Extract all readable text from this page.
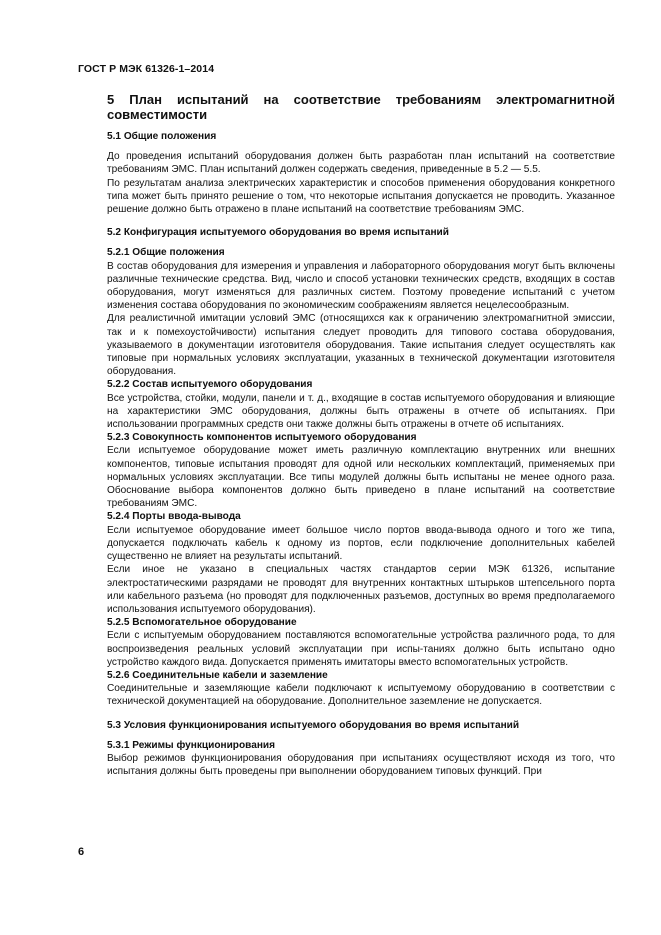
ГОСТ Р МЭК 61326-1–2014
5 План испытаний на соответствие требованиям электромагнитной совместимости

5.1 Общие положения

До проведения испытаний оборудования должен быть разработан план испытаний на соответствие требованиям ЭМС. План испытаний должен содержать сведения, приведенные в 5.2 — 5.5.

По результатам анализа электрических характеристик и способов применения оборудования конкретного типа может быть принято решение о том, что некоторые испытания допускается не проводить. Указанное решение должно быть отражено в плане испытаний на соответствие требованиям ЭМС.

5.2 Конфигурация испытуемого оборудования во время испытаний

5.2.1 Общие положения

В состав оборудования для измерения и управления и лабораторного оборудования могут быть включены различные технические средства. Вид, число и способ установки технических средств, входящих в состав оборудования, могут изменяться для различных систем. Поэтому проведение испытаний с учетом изменения состава оборудования по экономическим соображениям является нецелесообразным.

Для реалистичной имитации условий ЭМС (относящихся как к ограничению электромагнитной эмиссии, так и к помехоустойчивости) испытания следует проводить для типового состава оборудования, указываемого в документации изготовителя оборудования. Такие испытания следует осуществлять как типовые при нормальных условиях эксплуатации, указанных в технической документации изготовителя оборудования.

5.2.2 Состав испытуемого оборудования

Все устройства, стойки, модули, панели и т. д., входящие в состав испытуемого оборудования и влияющие на характеристики ЭМС оборудования, должны быть отражены в отчете об испытаниях. При использовании программных средств они также должны быть отражены в отчете об испытаниях.

5.2.3 Совокупность компонентов испытуемого оборудования

Если испытуемое оборудование может иметь различную комплектацию внутренних или внешних компонентов, типовые испытания проводят для одной или нескольких комплектаций, применяемых при нормальных условиях эксплуатации. Все типы модулей должны быть испытаны не менее одного раза. Обоснование выбора компонентов должно быть приведено в плане испытаний на соответствие требованиям ЭМС.

5.2.4 Порты ввода-вывода

Если испытуемое оборудование имеет большое число портов ввода-вывода одного и того же типа, допускается подключать кабель к одному из портов, если подключение дополнительных кабелей существенно не влияет на результаты испытаний.

Если иное не указано в специальных частях стандартов серии МЭК 61326, испытание электростатическими разрядами не проводят для внутренних контактных штырьков штепсельного порта или кабельного разъема (но проводят для подключенных разъемов, доступных во время предполагаемого использования испытуемого оборудования).

5.2.5 Вспомогательное оборудование

Если с испытуемым оборудованием поставляются вспомогательные устройства различного рода, то для воспроизведения реальных условий эксплуатации при испы-таниях должно быть испытано одно устройство каждого вида. Допускается применять имитаторы вместо вспомогательных устройств.

5.2.6 Соединительные кабели и заземление

Соединительные и заземляющие кабели подключают к испытуемому оборудованию в соответствии с технической документацией на оборудование. Дополнительное заземление не допускается.

5.3 Условия функционирования испытуемого оборудования во время испытаний

5.3.1 Режимы функционирования

Выбор режимов функционирования оборудования при испытаниях осуществляют исходя из того, что испытания должны быть проведены при выполнении оборудованием типовых функций. При

6
